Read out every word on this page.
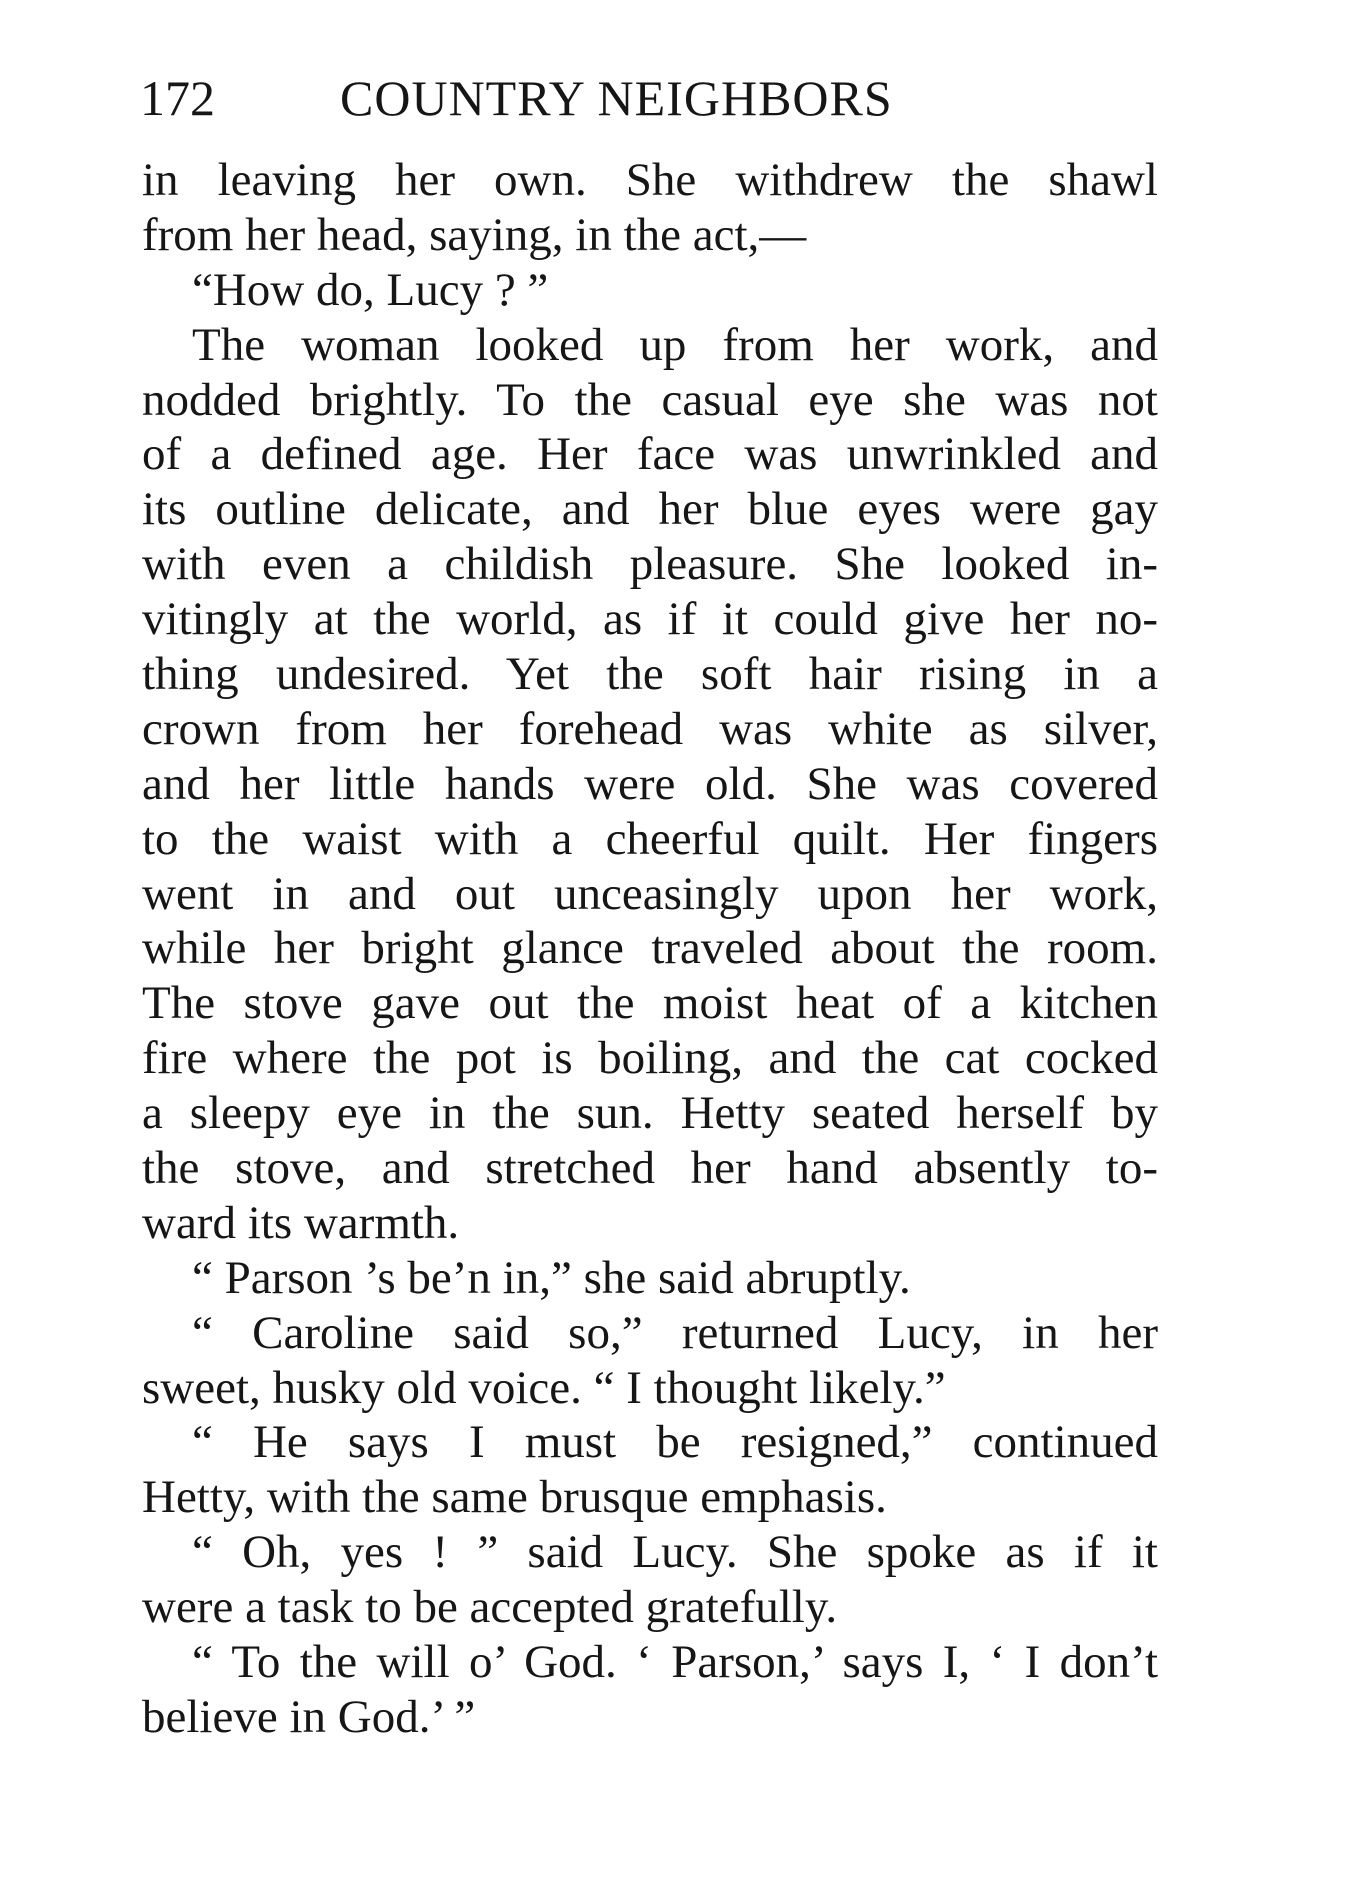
172	COUNTRY NEIGHBORS
in leaving her own. She withdrew the shawl
from her head, saying, in the act,—
“How do, Lucy ? ”
The woman looked up from her work, and
nodded brightly. To the casual eye she was not
of a defined age. Her face was unwrinkled and
its outline delicate, and her blue eyes were gay
with even a childish pleasure. She looked in-
vitingly at the world, as if it could give her no-
thing undesired. Yet the soft hair rising in a
crown from her forehead was white as silver,
and her little hands were old. She was covered
to the waist with a cheerful quilt. Her fingers
went in and out unceasingly upon her work,
while her bright glance traveled about the room.
The stove gave out the moist heat of a kitchen
fire where the pot is boiling, and the cat cocked
a sleepy eye in the sun. Hetty seated herself by
the stove, and stretched her hand absently to-
ward its warmth.
“ Parson ’s be’n in,” she said abruptly.
“ Caroline said so,” returned Lucy, in her
sweet, husky old voice. “ I thought likely.”
“ He says I must be resigned,” continued
Hetty, with the same brusque emphasis.
“ Oh, yes ! ” said Lucy. She spoke as if it
were a task to be accepted gratefully.
“ To the will o’ God. ‘ Parson,’ says I, ‘ I don’t
believe in God.’ ”
